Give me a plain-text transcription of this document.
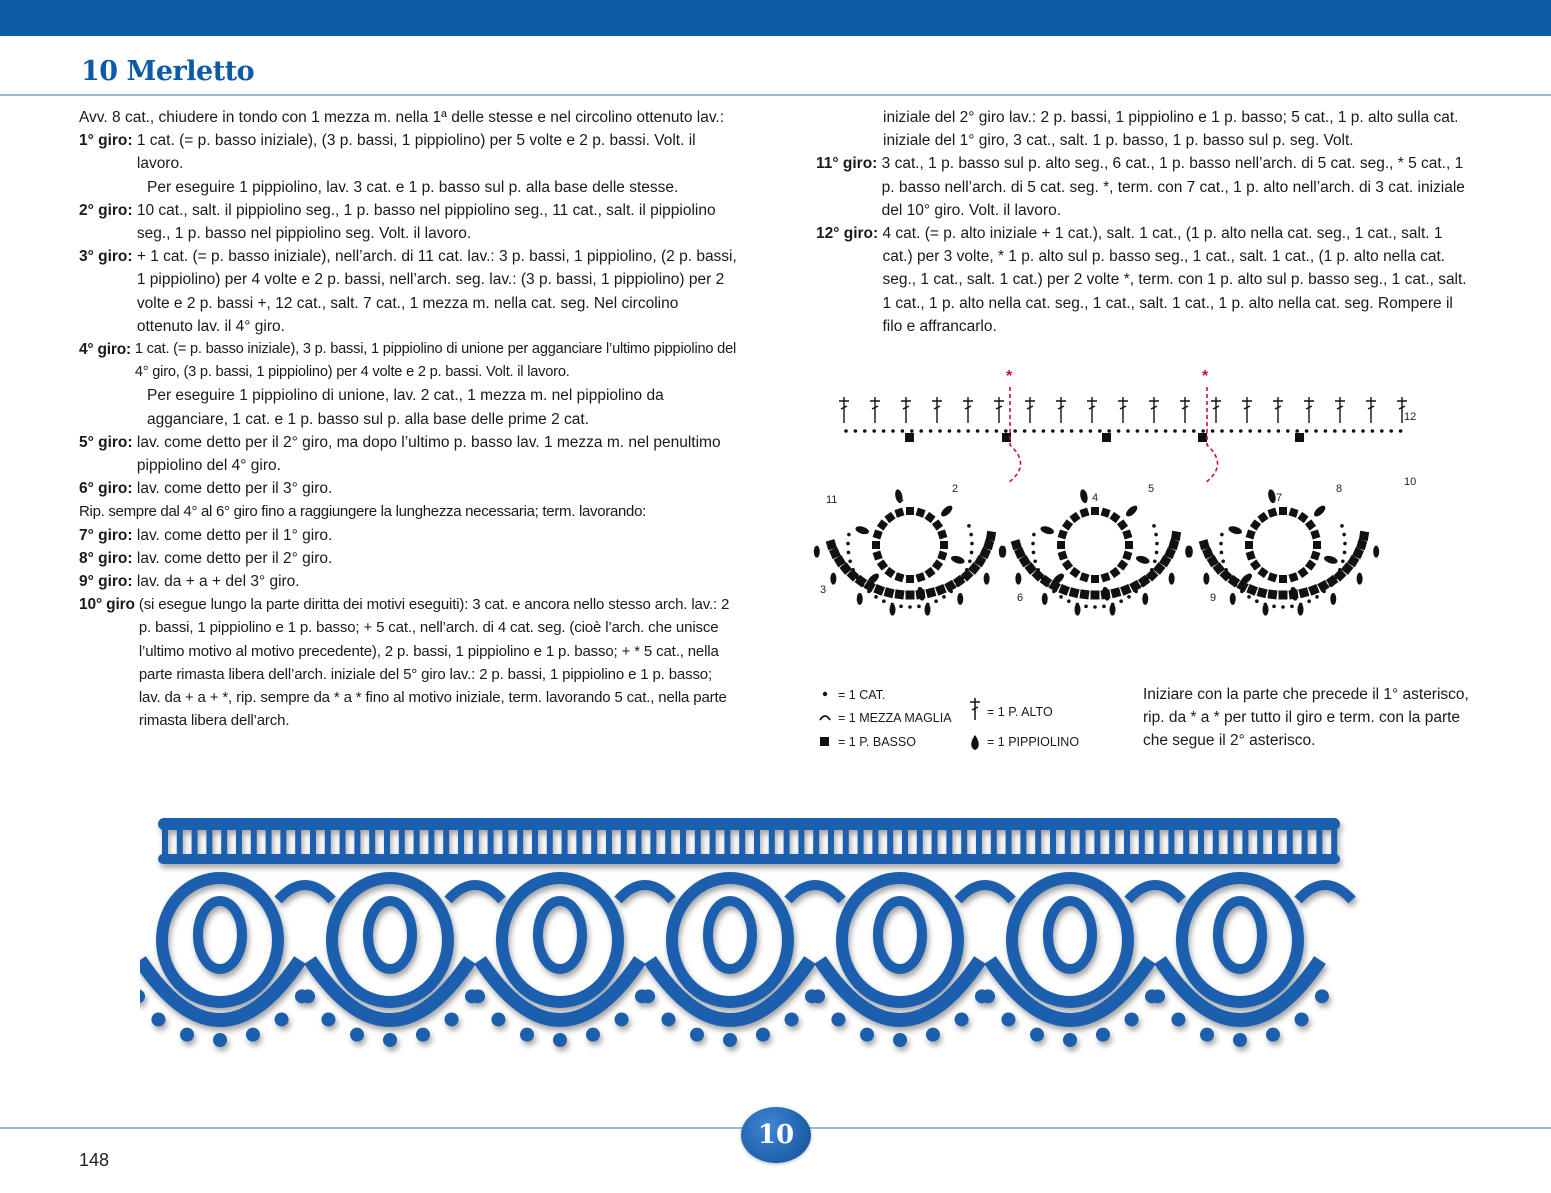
10 Merletto

Avv. 8 cat., chiudere in tondo con 1 mezza m. nella 1ª delle stesse e nel circolino ottenuto lav.:

1° giro:
1 cat. (= p. basso iniziale), (3 p. bassi, 1 pippiolino) per 5 volte e 2 p. bassi. Volt. il lavoro.

Per eseguire 1 pippiolino, lav. 3 cat. e 1 p. basso sul p. alla base delle stesse.

2° giro:
10 cat., salt. il pippiolino seg., 1 p. basso nel pippiolino seg., 11 cat., salt. il pippiolino seg., 1 p. basso nel pippiolino seg. Volt. il lavoro.
3° giro:
+ 1 cat. (= p. basso iniziale), nell’arch. di 11 cat. lav.: 3 p. bassi, 1 pippiolino, (2 p. bassi, 1 pippiolino) per 4 volte e 2 p. bassi, nell’arch. seg. lav.: (3 p. bassi, 1 pippiolino) per 2 volte e 2 p. bassi +, 12 cat., salt. 7 cat., 1 mezza m. nella cat. seg. Nel circolino ottenuto lav. il 4° giro.
4° giro:
1 cat. (= p. basso iniziale), 3 p. bassi, 1 pippiolino di unione per agganciare l’ultimo pippiolino del 4° giro, (3 p. bassi, 1 pippiolino) per 4 volte e 2 p. bassi. Volt. il lavoro.

Per eseguire 1 pippiolino di unione, lav. 2 cat., 1 mezza m. nel pippiolino da agganciare, 1 cat. e 1 p. basso sul p. alla base delle prime 2 cat.

5° giro:
lav. come detto per il 2° giro, ma dopo l’ultimo p. basso lav. 1 mezza m. nel penultimo pippiolino del 4° giro.
6° giro:
lav. come detto per il 3° giro.

Rip. sempre dal 4° al 6° giro fino a raggiungere la lunghezza necessaria; term. lavorando:

7° giro:
lav. come detto per il 1° giro.
8° giro:
lav. come detto per il 2° giro.
9° giro:
lav. da + a + del 3° giro.
10° giro
(si esegue lungo la parte diritta dei motivi eseguiti): 3 cat. e ancora nello stesso arch. lav.: 2 p. bassi, 1 pippiolino e 1 p. basso; + 5 cat., nell’arch. di 4 cat. seg. (cioè l’arch. che unisce l’ultimo motivo al motivo precedente), 2 p. bassi, 1 pippiolino e 1 p. basso; + * 5 cat., nella parte rimasta libera dell’arch. iniziale del 5° giro lav.: 2 p. bassi, 1 pippiolino e 1 p. basso; lav. da + a + *, rip. sempre da * a * fino al motivo iniziale, term. lavorando 5 cat., nella parte rimasta libera dell’arch.

iniziale del 2° giro lav.: 2 p. bassi, 1 pippiolino e 1 p. basso; 5 cat., 1 p. alto sulla cat. iniziale del 1° giro, 3 cat., salt. 1 p. basso, 1 p. basso sul p. seg. Volt.

11° giro:
3 cat., 1 p. basso sul p. alto seg., 6 cat., 1 p. basso nell’arch. di 5 cat. seg., * 5 cat., 1 p. basso nell’arch. di 5 cat. seg. *, term. con 7 cat., 1 p. alto nell’arch. di 3 cat. iniziale del 10° giro. Volt. il lavoro.
12° giro:
4 cat. (= p. alto iniziale + 1 cat.), salt. 1 cat., (1 p. alto nella cat. seg., 1 cat., salt. 1 cat.) per 3 volte, * 1 p. alto sul p. basso seg., 1 cat., salt. 1 cat., (1 p. alto nella cat. seg., 1 cat., salt. 1 cat.) per 2 volte *, term. con 1 p. alto sul p. basso seg., 1 cat., salt. 1 cat., 1 p. alto nella cat. seg., 1 cat., salt. 1 cat., 1 p. alto nella cat. seg. Rompere il filo e affrancarlo.
12
10
11	1
2
3
4
5
6
7
8
9
*	*
= 1 CAT.
= 1 MEZZA MAGLIA
= 1 P. BASSO
= 1 P. ALTO
= 1 PIPPIOLINO
Iniziare con la parte che precede il 1° asterisco, rip. da * a * per tutto il giro e term. con la parte che segue il 2° asterisco.
148
10
